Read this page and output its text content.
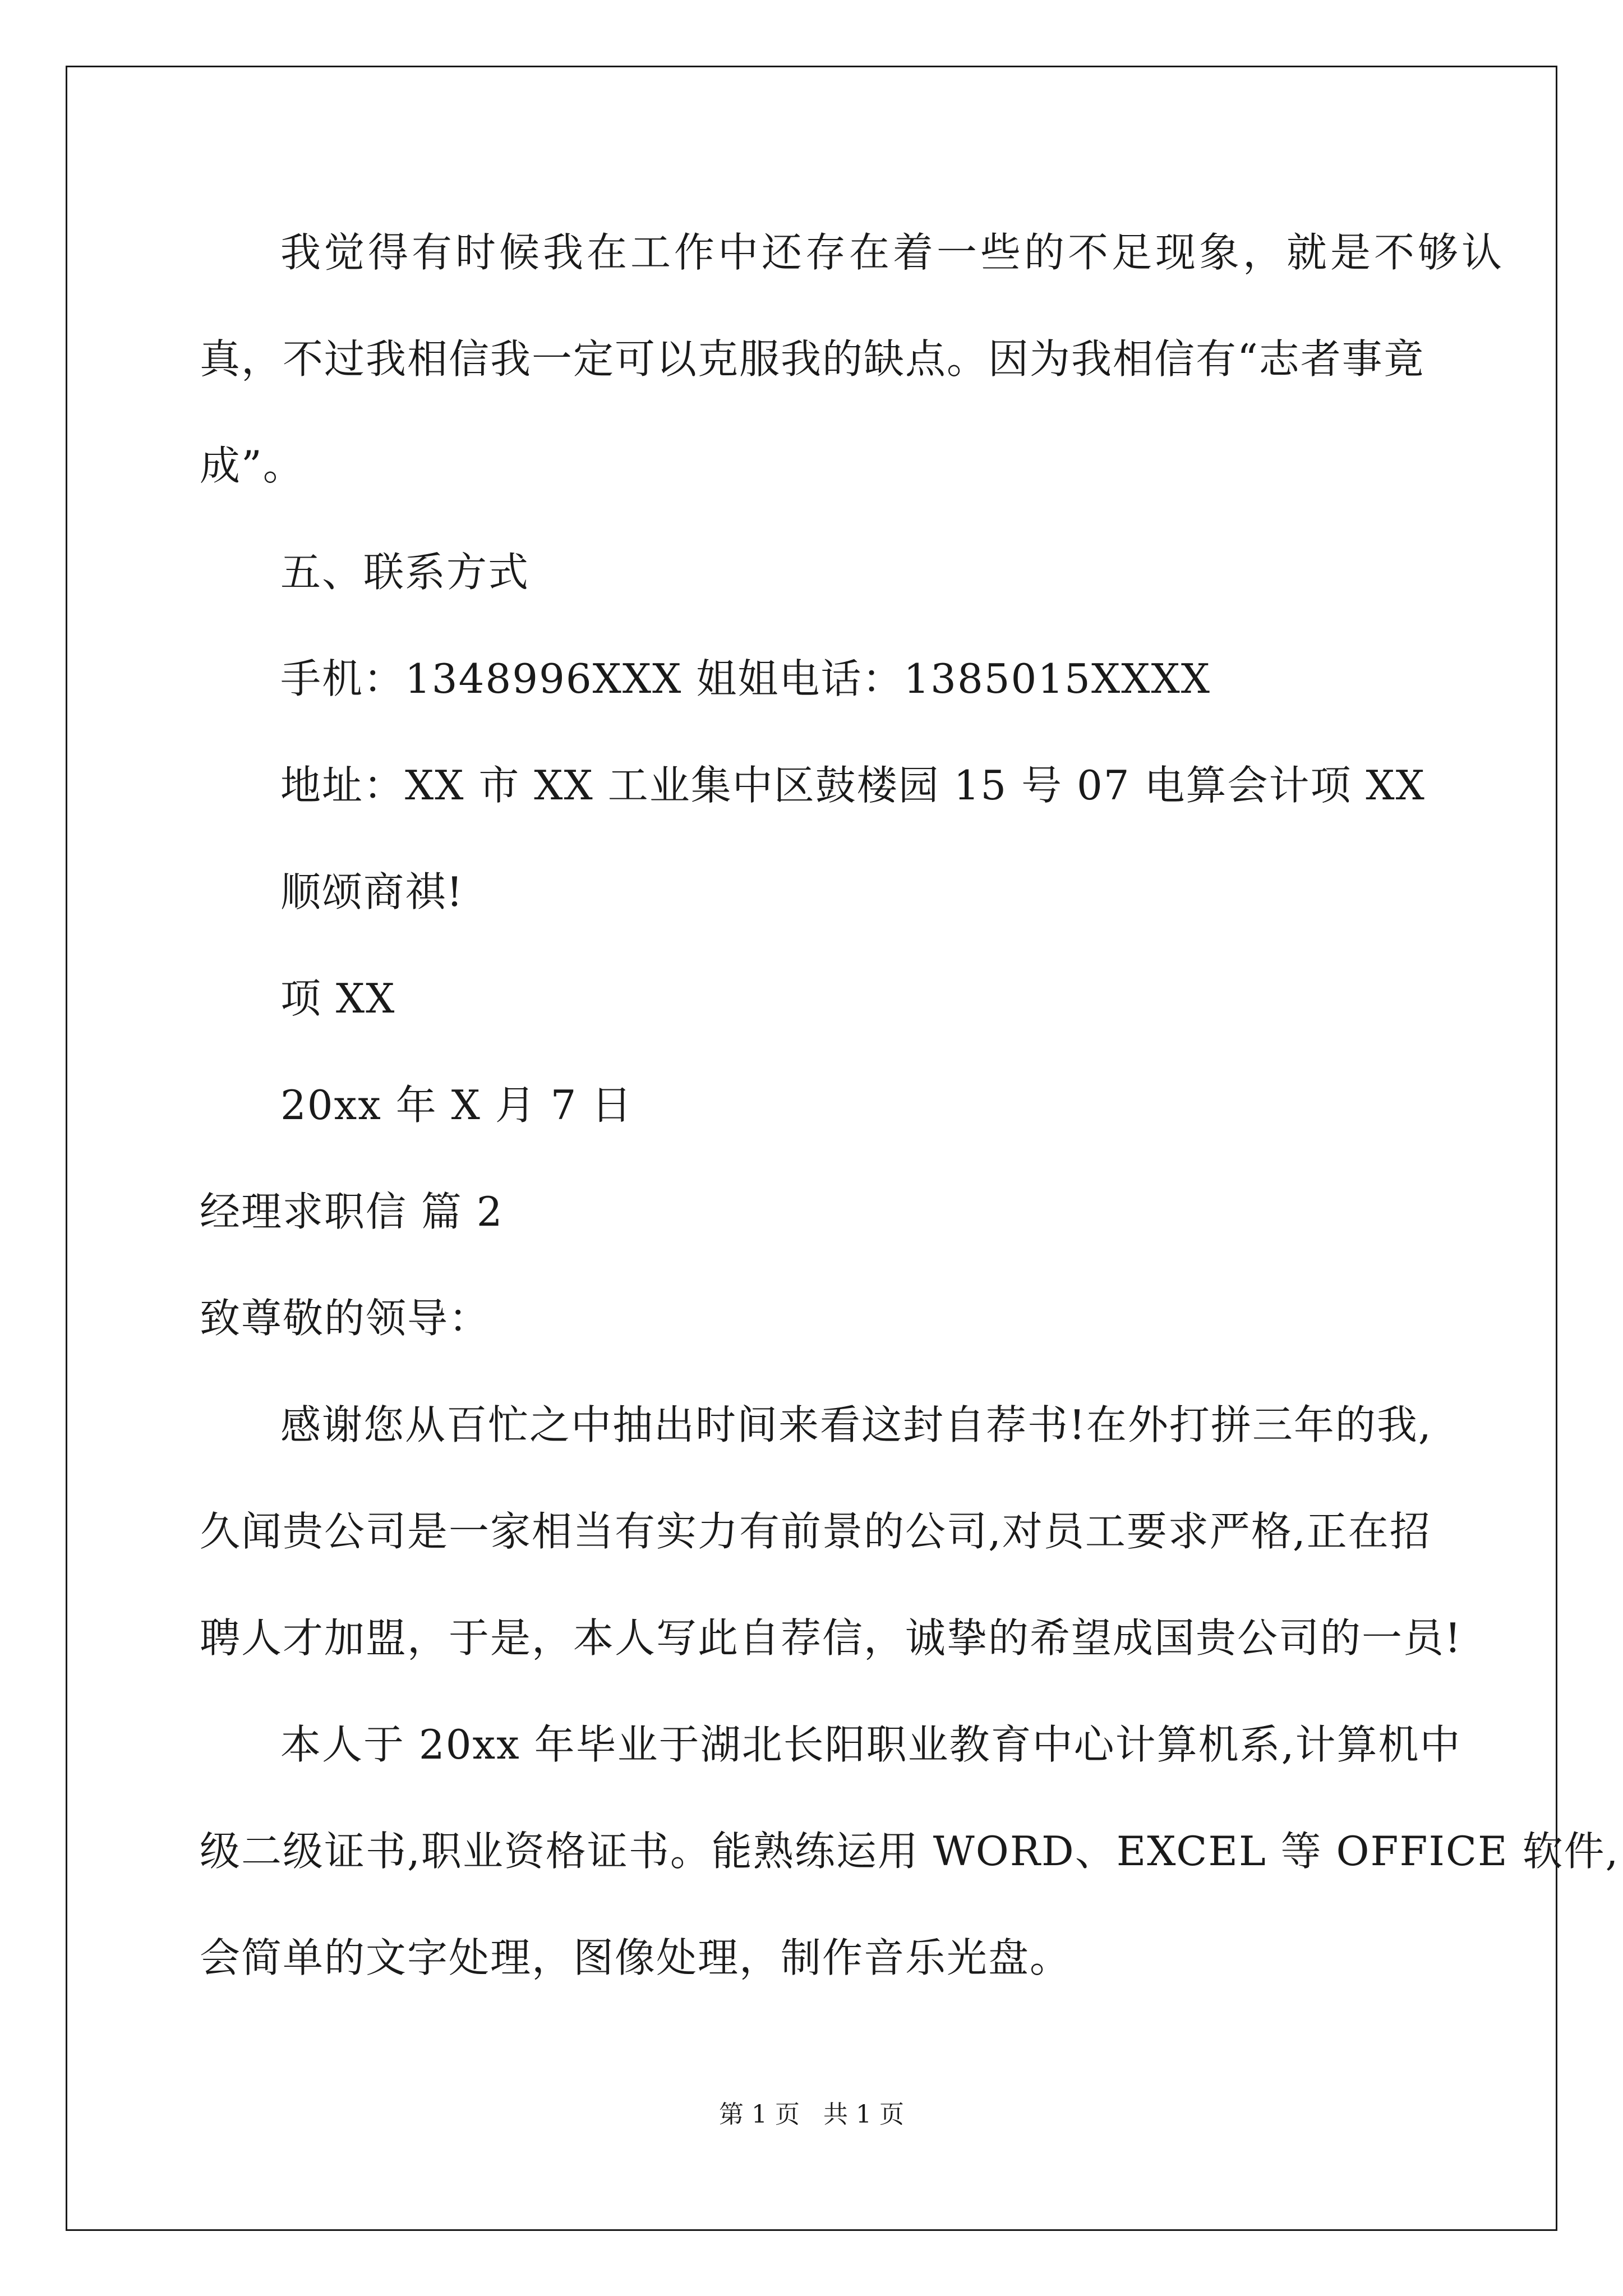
我觉得有时候我在工作中还存在着一些的不足现象，就是不够认
真，不过我相信我一定可以克服我的缺点。因为我相信有“志者事竟
成”。
五、联系方式
手机：1348996XXX 姐姐电话：1385015XXXX
地址：XX 市 XX 工业集中区鼓楼园 15 号 07 电算会计项 XX
顺颂商祺!
项 XX
20xx 年 X 月 7 日
经理求职信 篇 2
致尊敬的领导：
感谢您从百忙之中抽出时间来看这封自荐书!在外打拼三年的我,
久闻贵公司是一家相当有实力有前景的公司,对员工要求严格,正在招
聘人才加盟，于是，本人写此自荐信，诚挚的希望成国贵公司的一员!
本人于 20xx 年毕业于湖北长阳职业教育中心计算机系,计算机中
级二级证书,职业资格证书。能熟练运用 WORD、EXCEL 等 OFFICE 软件,
会简单的文字处理，图像处理，制作音乐光盘。
第 1 页   共 1 页
